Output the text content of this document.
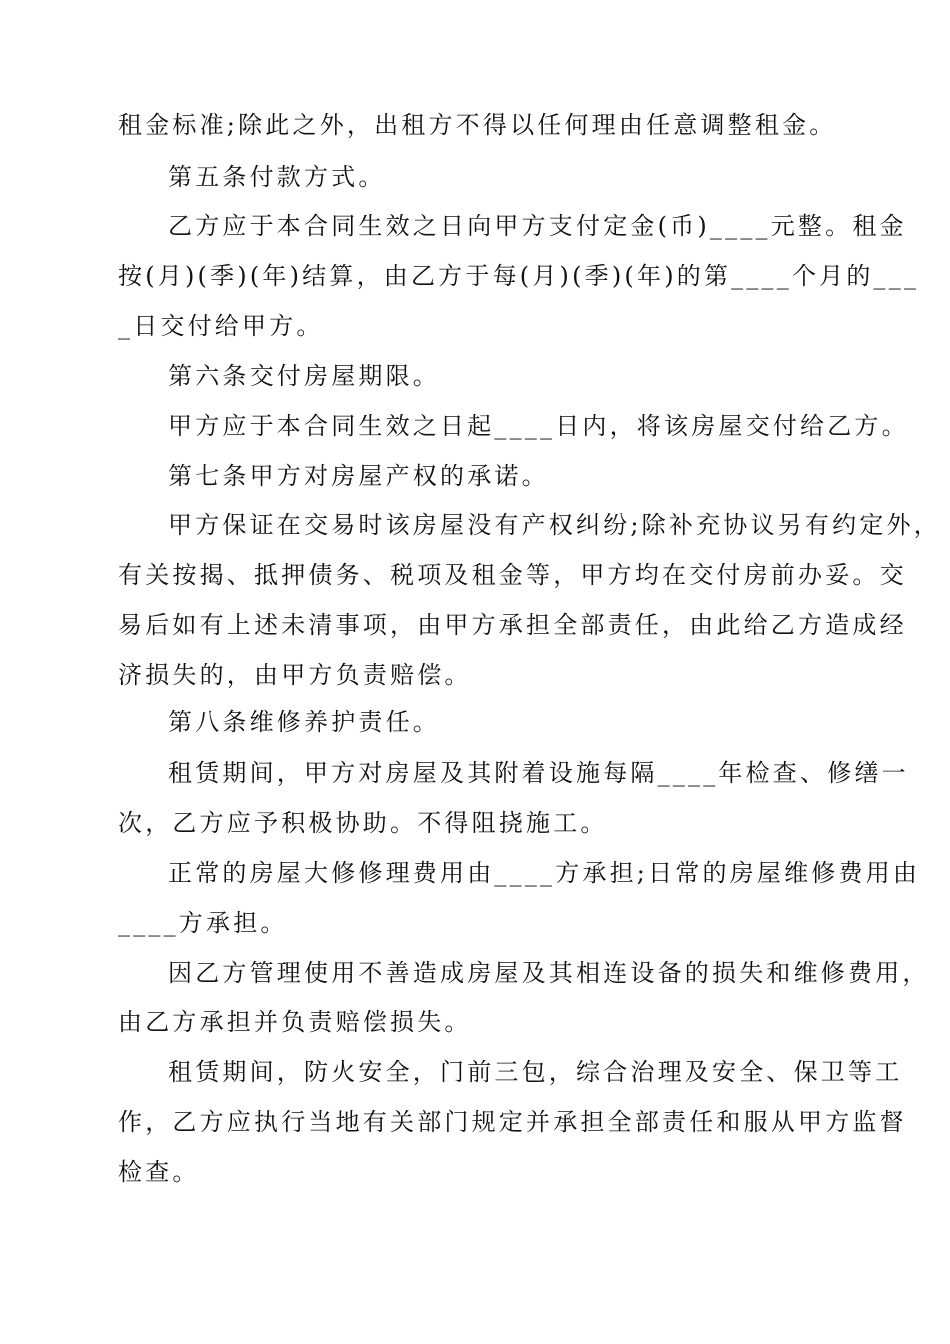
租金标准;除此之外，出租方不得以任何理由任意调整租金。
第五条付款方式。
乙方应于本合同生效之日向甲方支付定金(币)____元整。租金
按(月)(季)(年)结算，由乙方于每(月)(季)(年)的第____个月的___
_日交付给甲方。
第六条交付房屋期限。
甲方应于本合同生效之日起____日内，将该房屋交付给乙方。
第七条甲方对房屋产权的承诺。
甲方保证在交易时该房屋没有产权纠纷;除补充协议另有约定外，
有关按揭、抵押债务、税项及租金等，甲方均在交付房前办妥。交
易后如有上述未清事项，由甲方承担全部责任，由此给乙方造成经
济损失的，由甲方负责赔偿。
第八条维修养护责任。
租赁期间，甲方对房屋及其附着设施每隔____年检查、修缮一
次，乙方应予积极协助。不得阻挠施工。
正常的房屋大修修理费用由____方承担;日常的房屋维修费用由
____方承担。
因乙方管理使用不善造成房屋及其相连设备的损失和维修费用，
由乙方承担并负责赔偿损失。
租赁期间，防火安全，门前三包，综合治理及安全、保卫等工
作，乙方应执行当地有关部门规定并承担全部责任和服从甲方监督
检查。
